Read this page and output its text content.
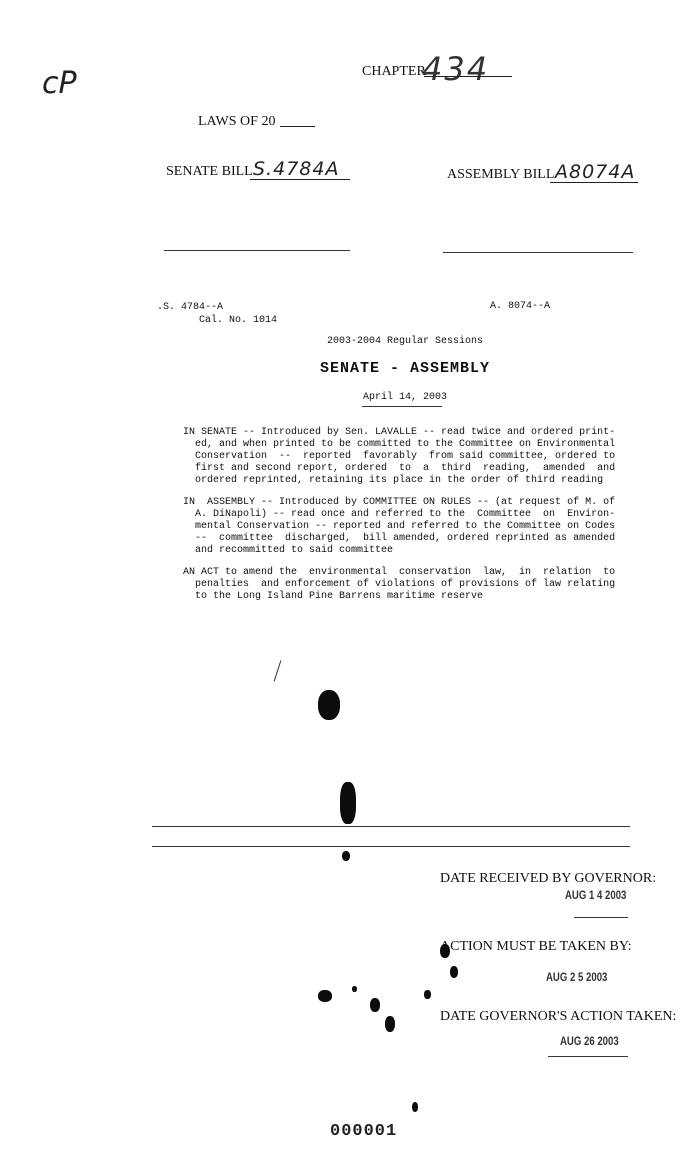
cP	CHAPTER
434
LAWS OF 20
SENATE BILL S.4784A	ASSEMBLY BILL A8074A
.S. 4784--A
Cal. No. 1014
A. 8074--A
2003-2004 Regular Sessions
SENATE - ASSEMBLY
April 14, 2003
IN SENATE -- Introduced by Sen. LAVALLE -- read twice and ordered print-
ed, and when printed to be committed to the Committee on Environmental
Conservation  --  reported  favorably  from said committee, ordered to
first and second report, ordered  to  a  third  reading,  amended  and
ordered reprinted, retaining its place in the order of third reading
IN  ASSEMBLY -- Introduced by COMMITTEE ON RULES -- (at request of M. of
A. DiNapoli) -- read once and referred to the  Committee  on  Environ-
mental Conservation -- reported and referred to the Committee on Codes
--  committee  discharged,  bill amended, ordered reprinted as amended
and recommitted to said committee
AN ACT to amend the  environmental  conservation  law,  in  relation  to
penalties  and enforcement of violations of provisions of law relating
to the Long Island Pine Barrens maritime reserve
DATE RECEIVED BY GOVERNOR:
AUG 1 4 2003
ACTION MUST BE TAKEN BY:
AUG 2 5 2003
DATE GOVERNOR'S ACTION TAKEN:
AUG 26 2003
000001
